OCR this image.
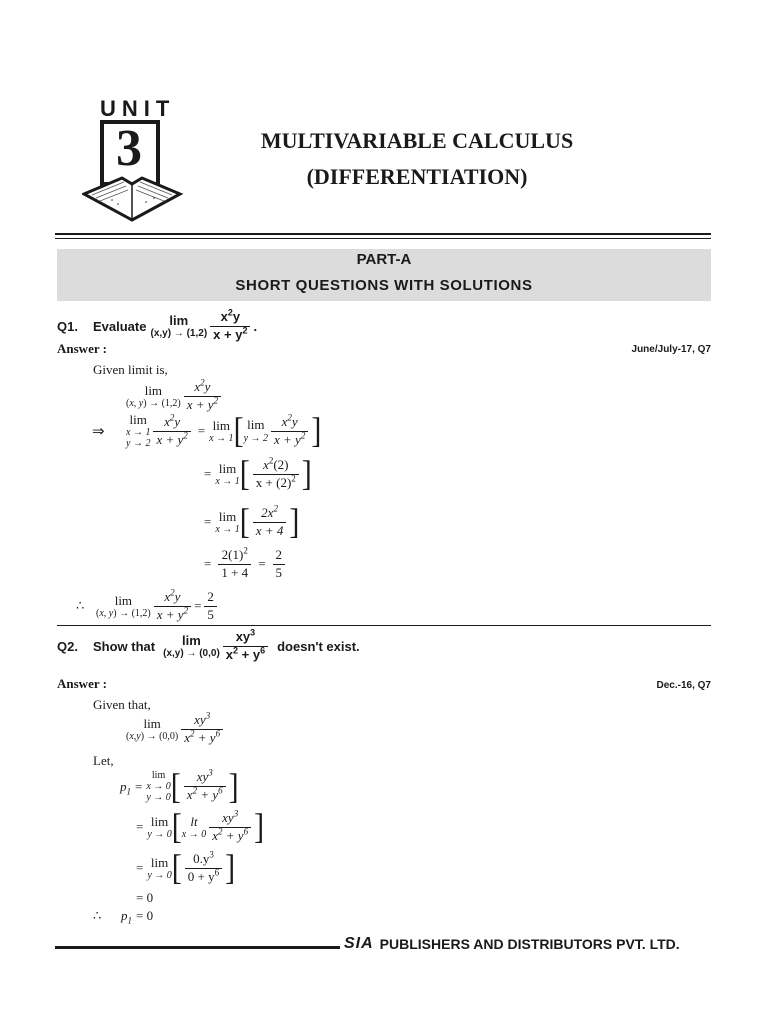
UNIT
3	MULTIVARIABLE CALCULUS
(DIFFERENTIATION)
PART-A
SHORT QUESTIONS WITH SOLUTIONS
Q1.	Evaluate lim
$(x,y) \to (1,2) \frac{x^2y}{x + y^2}$ .
Answer :	June/July-17, Q7
Given limit is,
lim
(x, $y) \to (1,2) \frac{x^2y}{x + y^2}$
⇒
lim
x → 1
$y \to 2 \frac{x^2y}{x + y^2} = \lim$
x → 1 [ lim
$y \to 2 \frac{x^2y}{x + y^2}$ ]
= lim
x → 1 [ $\frac{x^2(2)}{x + (2)^2}$ ]
= lim
x → 1 [ $\frac{2x^2}{x + 4}$ ]
= $\frac{2(1)^2}{1 + 4} = \frac{2}{5}$
∴	lim
(x, $y) \to (1,2) \frac{x^2y}{x + y^2} = \frac{2}{5}$
Q2.	Show that lim
$(x,y) \to (0,0) \frac{xy^3}{x^2 + y^6}$ doesn't exist.
Answer :	Dec.-16, Q7
Given that,
lim
$(x,y) \to (0,0) \frac{xy^3}{x^2 + y^6}$
Let,
$p_1$ =
lim
x → 0
y → 0 [ $\frac{xy^3}{x^2 + y^6}$ ]
= lim
y → 0 [ lt
$x \to 0 \frac{xy^3}{x^2 + y^6}$ ]
= lim
y → 0 [ $\frac{0.y^3}{0 + y^6}$ ]
= 0
∴	$p_1 = 0$
SIA PUBLISHERS AND DISTRIBUTORS PVT. LTD.
